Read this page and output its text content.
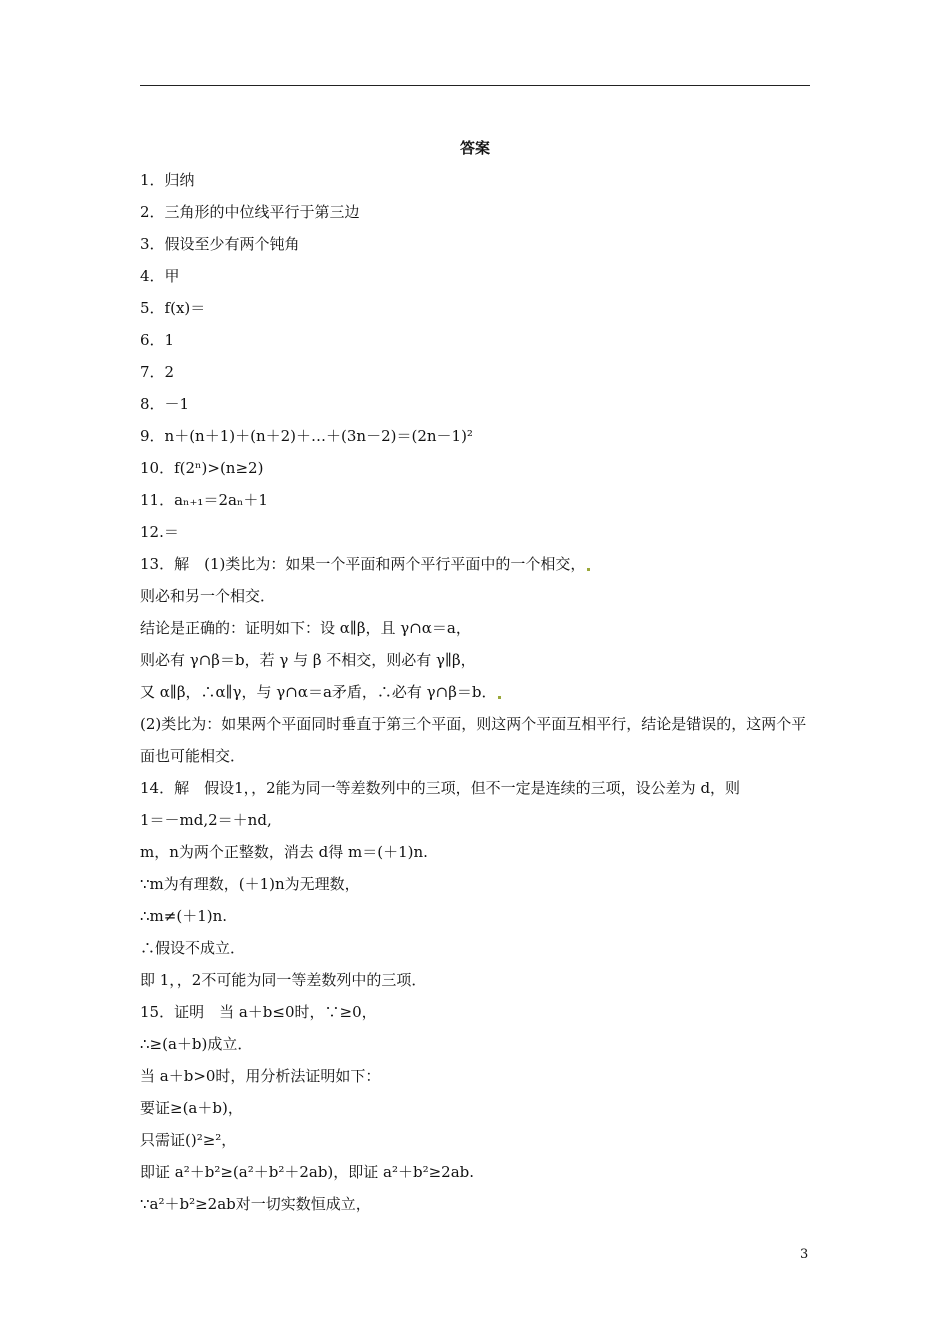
答案
1．归纳
2．三角形的中位线平行于第三边
3．假设至少有两个钝角
4．甲
5．f(x)＝
6．1
7．2
8．－1
9．n＋(n＋1)＋(n＋2)＋…＋(3n－2)＝(2n－1)²
10．f(2ⁿ)>(n≥2)
11．aₙ₊₁＝2aₙ＋1
12.＝
13．解　(1)类比为：如果一个平面和两个平行平面中的一个相交，
则必和另一个相交．
结论是正确的：证明如下：设 α∥β，且 γ∩α＝a，
则必有 γ∩β＝b，若 γ 与 β 不相交，则必有 γ∥β，
又 α∥β，∴α∥γ，与 γ∩α＝a矛盾，∴必有 γ∩β＝b．
(2)类比为：如果两个平面同时垂直于第三个平面，则这两个平面互相平行，结论是错误的，这两个平面也可能相交．
14．解　假设1，，2能为同一等差数列中的三项，但不一定是连续的三项，设公差为 d，则
1＝－md,2＝＋nd,
m，n为两个正整数，消去 d得 m＝(＋1)n.
∵m为有理数，(＋1)n为无理数，
∴m≠(＋1)n.
∴假设不成立．
即 1，，2不可能为同一等差数列中的三项．
15．证明　当 a＋b≤0时，∵≥0，
∴≥(a＋b)成立．
当 a＋b>0时，用分析法证明如下：
要证≥(a＋b)，
只需证()²≥²，
即证 a²＋b²≥(a²＋b²＋2ab)，即证 a²＋b²≥2ab.
∵a²＋b²≥2ab对一切实数恒成立，
3
